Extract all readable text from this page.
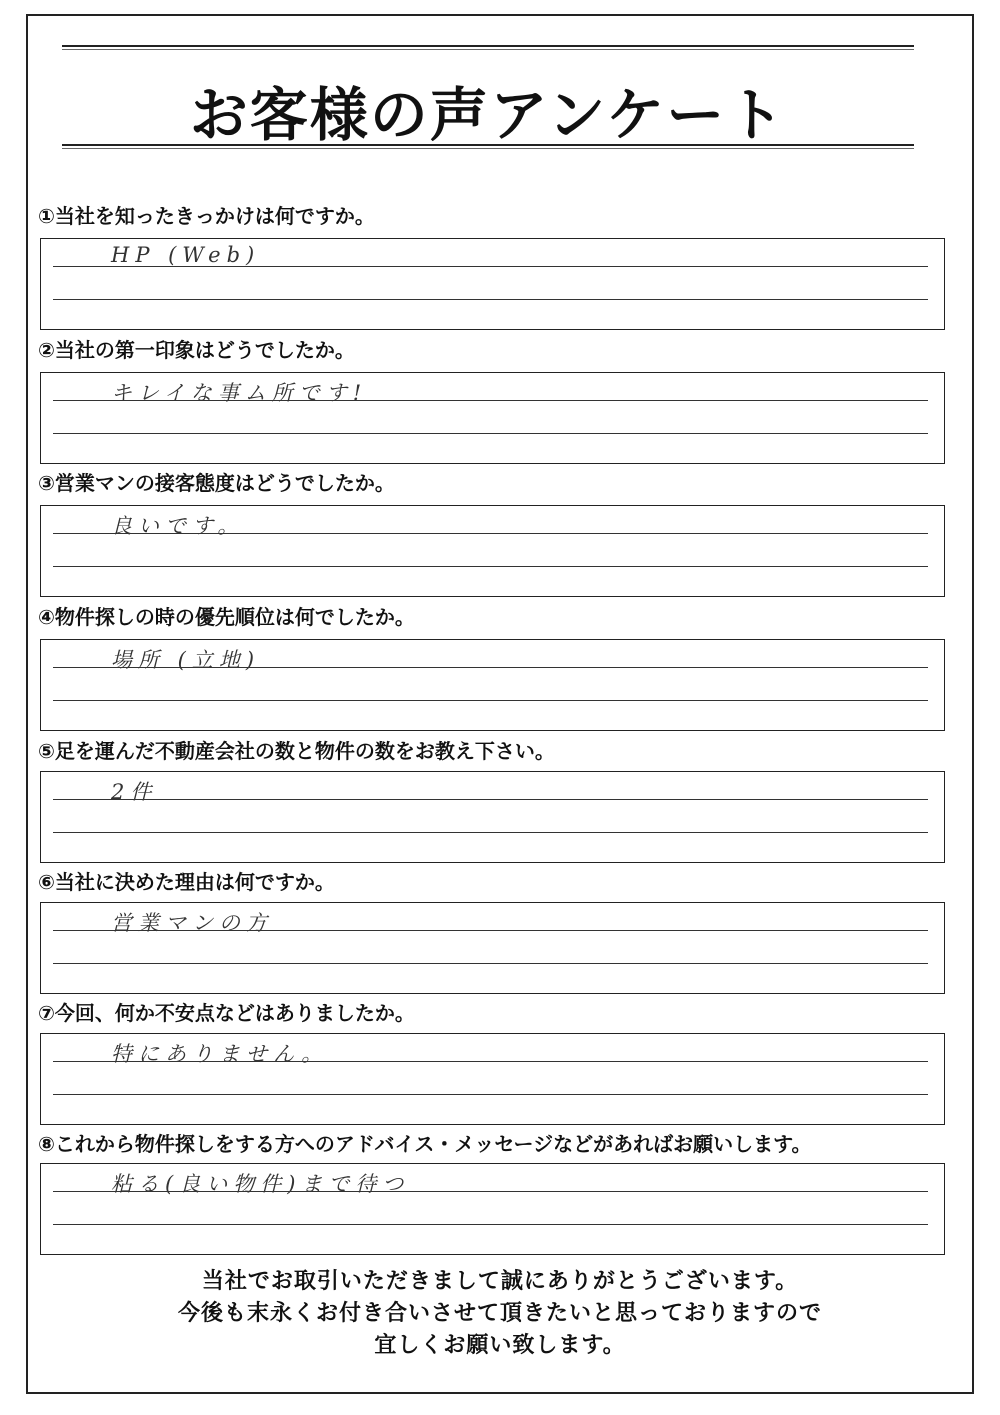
お客様の声アンケート
①当社を知ったきっかけは何ですか。
HP (Web)
②当社の第一印象はどうでしたか。
キレイな事ム所です!
③営業マンの接客態度はどうでしたか。
良いです。
④物件探しの時の優先順位は何でしたか。
場所 (立地)
⑤足を運んだ不動産会社の数と物件の数をお教え下さい。
2件
⑥当社に決めた理由は何ですか。
営業マンの方
⑦今回、何か不安点などはありましたか。
特にありません。
⑧これから物件探しをする方へのアドバイス・メッセージなどがあればお願いします。
粘る(良い物件)まで待つ
当社でお取引いただきまして誠にありがとうございます。
今後も末永くお付き合いさせて頂きたいと思っておりますので
宜しくお願い致します。
